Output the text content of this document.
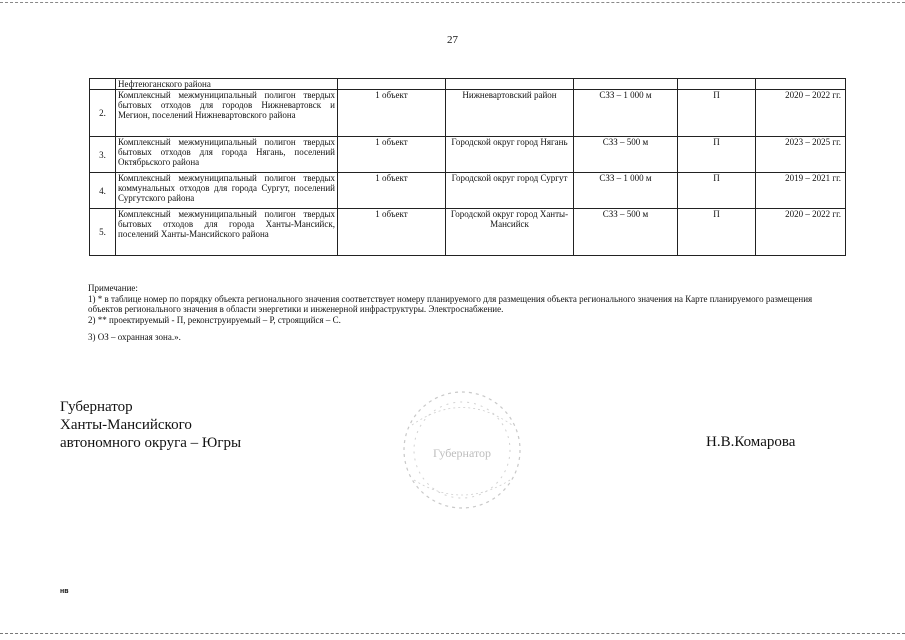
27
	Нефтеюганского района					
2.	Комплексный межмуниципальный полигон твердых бытовых отходов для городов Нижневартовск и Мегион, поселений Нижневартовского района	1 объект	Нижневартовский район	СЗЗ – 1 000 м	П	2020 – 2022 гг.
3.	Комплексный межмуниципальный полигон твердых бытовых отходов для города Нягань, поселений Октябрьского района	1 объект	Городской округ город Нягань	СЗЗ – 500 м	П	2023 – 2025 гг.
4.	Комплексный межмуниципальный полигон твердых коммунальных отходов для города Сургут, поселений Сургутского района	1 объект	Городской округ город Сургут	СЗЗ – 1 000 м	П	2019 – 2021 гг.
5.	Комплексный межмуниципальный полигон твердых бытовых отходов для города Ханты-Мансийск, поселений Ханты-Мансийского района	1 объект	Городской округ город Ханты-Мансийск	СЗЗ – 500 м	П	2020 – 2022 гг.

Примечание:

1) * в таблице номер по порядку объекта регионального значения соответствует номеру планируемого для размещения объекта регионального значения на Карте планируемого размещения объектов регионального значения в области энергетики и инженерной инфраструктуры. Электроснабжение.

2) ** проектируемый - П, реконструируемый – Р, строящийся – С.

3) ОЗ – охранная зона.».

Губернатор
Ханты-Мансийского
автономного округа – Югры	Н.В.Комарова
Губернатор
нв
